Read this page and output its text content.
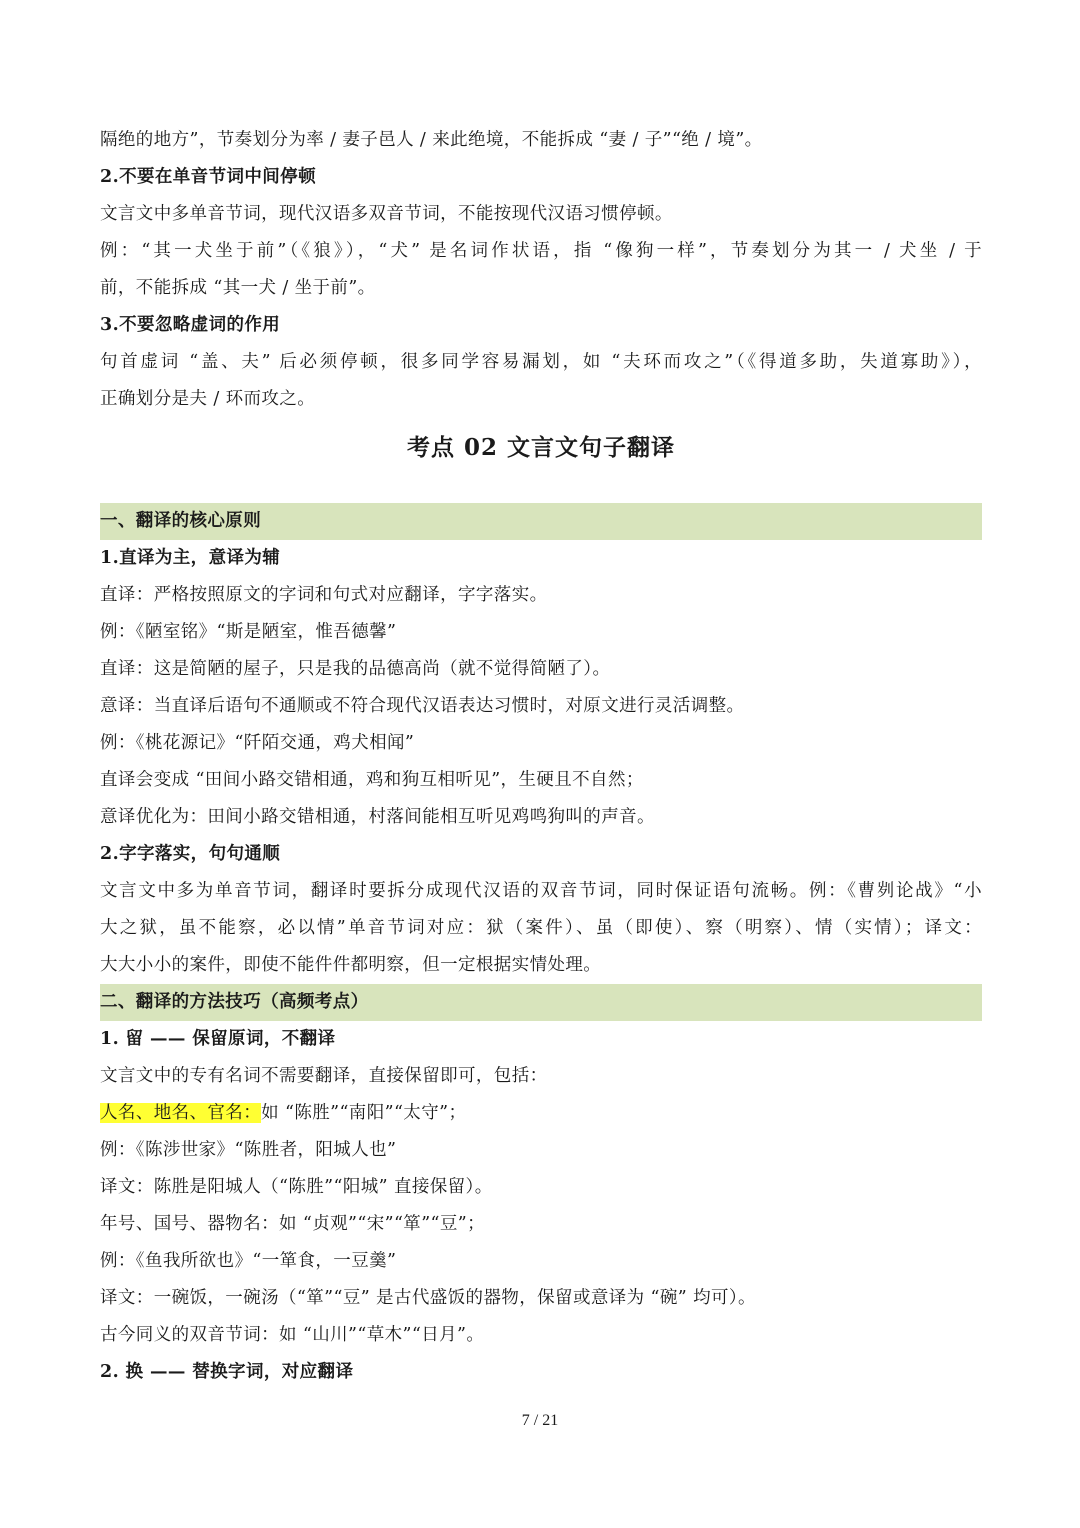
隔绝的地方”，节奏划分为率 / 妻子邑人 / 来此绝境，不能拆成 “妻 / 子”“绝 / 境”。
2.不要在单音节词中间停顿
文言文中多单音节词，现代汉语多双音节词，不能按现代汉语习惯停顿。
例：“其一犬坐于前”（《狼》），“犬” 是名词作状语，指 “像狗一样”，节奏划分为其一 / 犬坐 / 于
前，不能拆成 “其一犬 / 坐于前”。
3.不要忽略虚词的作用
句首虚词 “盖、夫” 后必须停顿，很多同学容易漏划，如 “夫环而攻之”（《得道多助，失道寡助》），
正确划分是夫 / 环而攻之。
考点 02 文言文句子翻译
一、翻译的核心原则
1.直译为主，意译为辅
直译：严格按照原文的字词和句式对应翻译，字字落实。
例：《陋室铭》“斯是陋室，惟吾德馨”
直译：这是简陋的屋子，只是我的品德高尚（就不觉得简陋了）。
意译：当直译后语句不通顺或不符合现代汉语表达习惯时，对原文进行灵活调整。
例：《桃花源记》“阡陌交通，鸡犬相闻”
直译会变成 “田间小路交错相通，鸡和狗互相听见”，生硬且不自然；
意译优化为：田间小路交错相通，村落间能相互听见鸡鸣狗叫的声音。
2.字字落实，句句通顺
文言文中多为单音节词，翻译时要拆分成现代汉语的双音节词，同时保证语句流畅。例：《曹刿论战》“小
大之狱，虽不能察，必以情”单音节词对应：狱（案件）、虽（即使）、察（明察）、情（实情）；译文：
大大小小的案件，即使不能件件都明察，但一定根据实情处理。
二、翻译的方法技巧（高频考点）
1. 留 —— 保留原词，不翻译
文言文中的专有名词不需要翻译，直接保留即可，包括：
人名、地名、官名：如 “陈胜”“南阳”“太守”；
例：《陈涉世家》“陈胜者，阳城人也”
译文：陈胜是阳城人（“陈胜”“阳城” 直接保留）。
年号、国号、器物名：如 “贞观”“宋”“箪”“豆”；
例：《鱼我所欲也》“一箪食，一豆羹”
译文：一碗饭，一碗汤（“箪”“豆” 是古代盛饭的器物，保留或意译为 “碗” 均可）。
古今同义的双音节词：如 “山川”“草木”“日月”。
2. 换 —— 替换字词，对应翻译
7 / 21
